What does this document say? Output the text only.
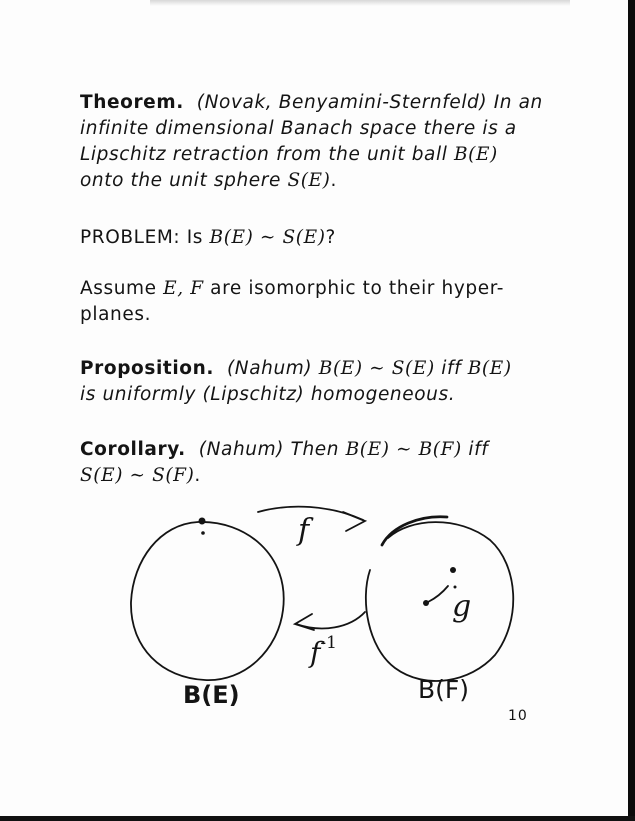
Theorem. (Novak, Benyamini-Sternfeld) In an
infinite dimensional Banach space there is a
Lipschitz retraction from the unit ball B(E)
onto the unit sphere S(E).
PROBLEM: Is B(E) ∼ S(E)?
Assume E, F are isomorphic to their hyper-
planes.
Proposition. (Nahum) B(E) ∼ S(E) iff B(E)
is uniformly (Lipschitz) homogeneous.
Corollary. (Nahum) Then B(E) ∼ B(F) iff
S(E) ∼ S(F).
f
$f^{-1}$
g
B(E)	B(F)
10
